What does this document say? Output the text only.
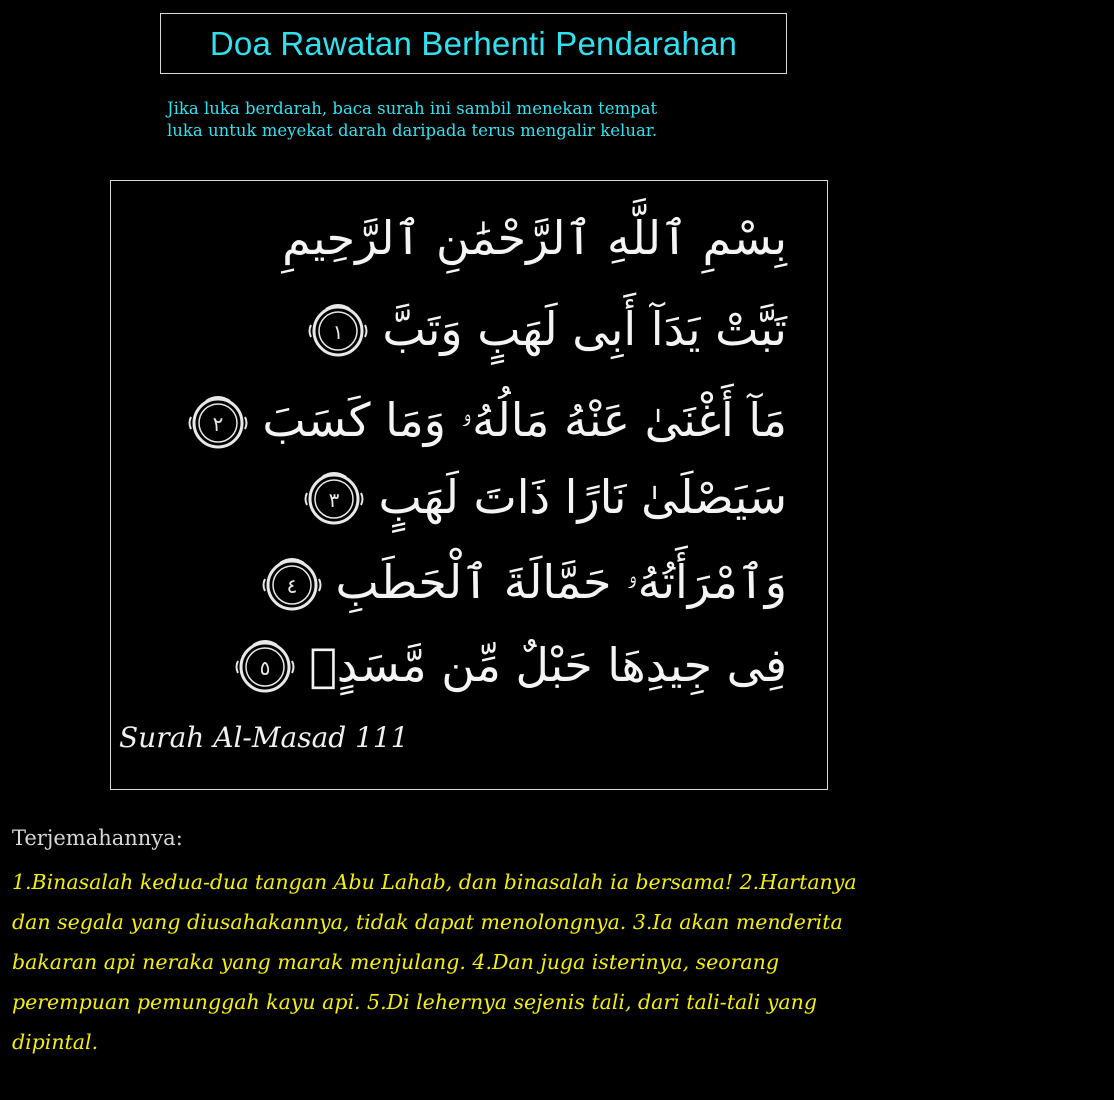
Doa Rawatan Berhenti Pendarahan
Jika luka berdarah, baca surah ini sambil menekan tempat
luka untuk meyekat darah daripada terus mengalir keluar.
بِسْمِ ٱللَّهِ ٱلرَّحْمَٰنِ ٱلرَّحِيمِ
تَبَّتْ يَدَآ أَبِى لَهَبٍ وَتَبَّ
١
مَآ أَغْنَىٰ عَنْهُ مَالُهُۥ وَمَا كَسَبَ
٢
سَيَصْلَىٰ نَارًا ذَاتَ لَهَبٍ
٣
وَٱمْرَأَتُهُۥ حَمَّالَةَ ٱلْحَطَبِ
٤
فِى جِيدِهَا حَبْلٌ مِّن مَّسَدٍۭ
٥
Surah Al-Masad 111
Terjemahannya:
1.Binasalah kedua-dua tangan Abu Lahab, dan binasalah ia bersama! 2.Hartanya
dan segala yang diusahakannya, tidak dapat menolongnya. 3.Ia akan menderita
bakaran api neraka yang marak menjulang. 4.Dan juga isterinya, seorang
perempuan pemunggah kayu api. 5.Di lehernya sejenis tali, dari tali-tali yang
dipintal.
